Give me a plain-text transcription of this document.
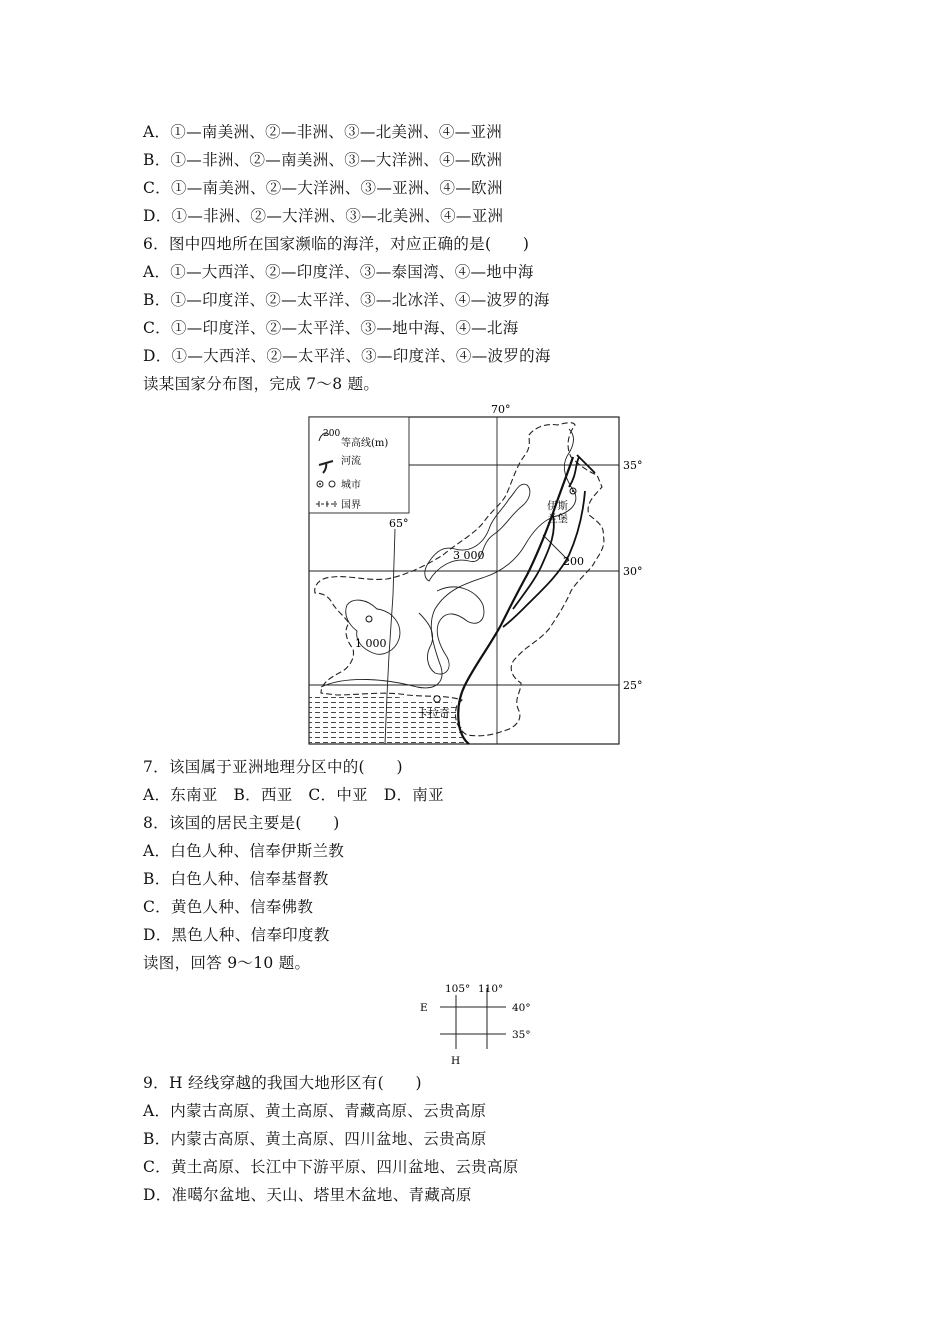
A．①—南美洲、②—非洲、③—北美洲、④—亚洲
B．①—非洲、②—南美洲、③—大洋洲、④—欧洲
C．①—南美洲、②—大洋洲、③—亚洲、④—欧洲
D．①—非洲、②—大洋洲、③—北美洲、④—亚洲
6．图中四地所在国家濒临的海洋，对应正确的是(　　)
A．①—大西洋、②—印度洋、③—泰国湾、④—地中海
B．①—印度洋、②—太平洋、③—北冰洋、④—波罗的海
C．①—印度洋、②—太平洋、③—地中海、④—北海
D．①—大西洋、②—太平洋、③—印度洋、④—波罗的海
读某国家分布图，完成 7～8 题。
200
等高线(m)
河流
城市
国界
70°
65°
35°
30°
25°
3 000
1 000
200
伊斯
兰堡
卡拉奇
7．该国属于亚洲地理分区中的(　　)
A．东南亚　B．西亚　C．中亚　D．南亚
8．该国的居民主要是(　　)
A．白色人种、信奉伊斯兰教
B．白色人种、信奉基督教
C．黄色人种、信奉佛教
D．黑色人种、信奉印度教
读图，回答 9～10 题。
105° 110°
E	40°
35°
H
9．H 经线穿越的我国大地形区有(　　)
A．内蒙古高原、黄土高原、青藏高原、云贵高原
B．内蒙古高原、黄土高原、四川盆地、云贵高原
C．黄土高原、长江中下游平原、四川盆地、云贵高原
D．准噶尔盆地、天山、塔里木盆地、青藏高原
